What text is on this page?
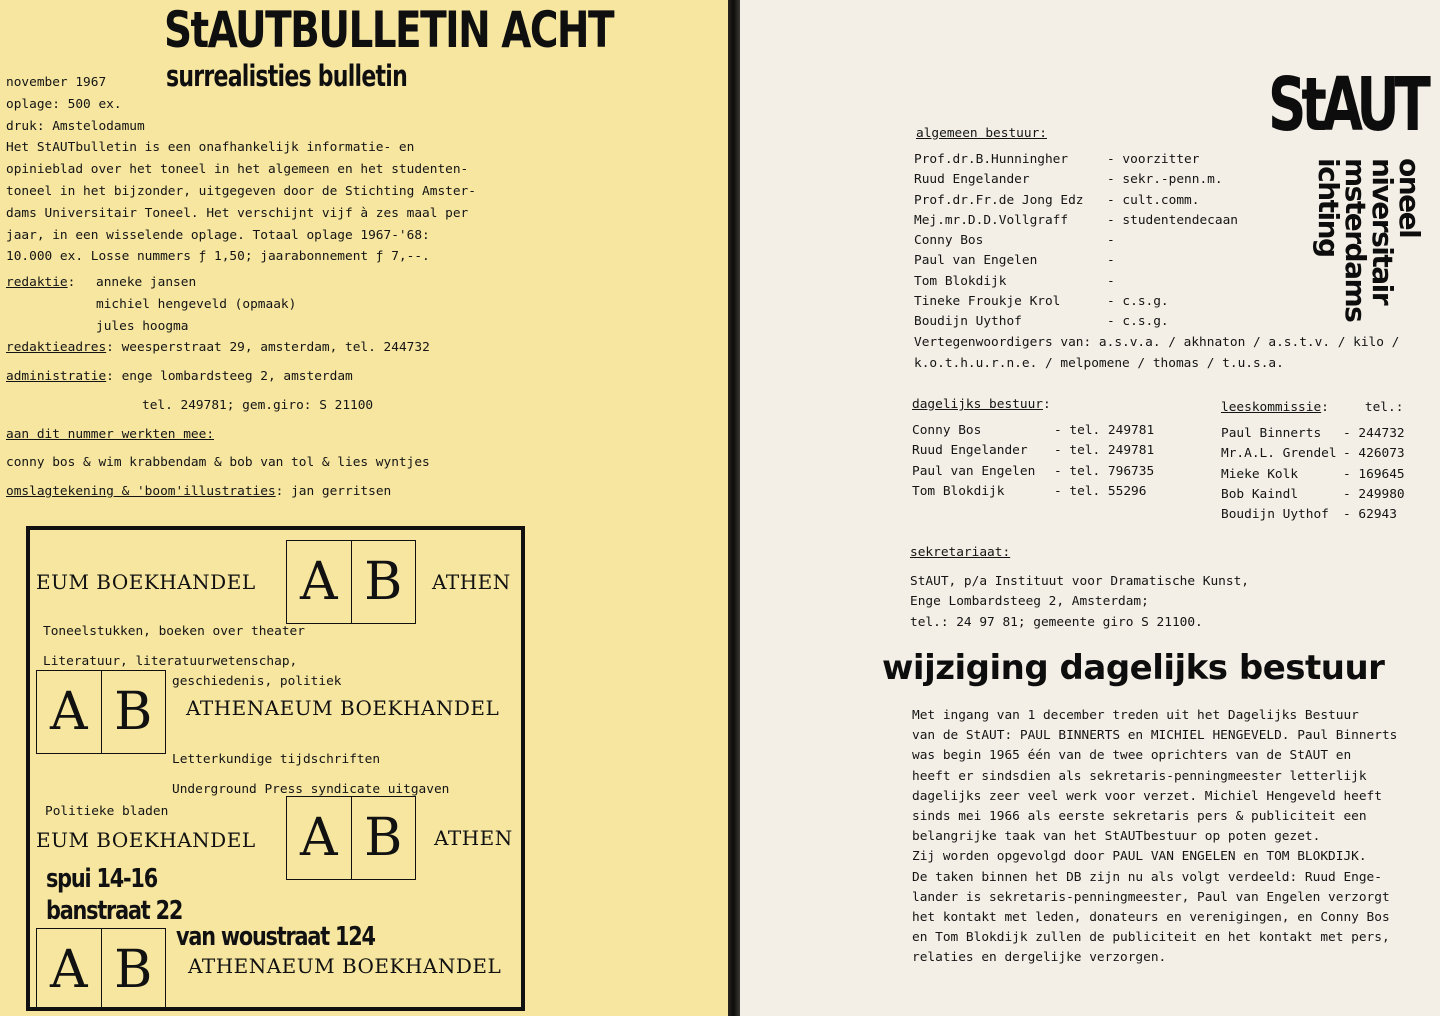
StAUTBULLETIN ACHT
surrealisties bulletin
november 1967
oplage: 500 ex.
druk: Amstelodamum
Het StAUTbulletin is een onafhankelijk informatie- en
opinieblad over het toneel in het algemeen en het studenten-
toneel in het bijzonder, uitgegeven door de Stichting Amster-
dams Universitair Toneel. Het verschijnt vijf à zes maal per
jaar, in een wisselende oplage. Totaal oplage 1967-'68:
10.000 ex. Losse nummers ƒ 1,50; jaarabonnement ƒ 7,--.
redaktie: anneke jansen
michiel hengeveld (opmaak)
jules hoogma
redaktieadres: weesperstraat 29, amsterdam, tel. 244732
administratie: enge lombardsteeg 2, amsterdam
tel. 249781; gem.giro: S 21100
aan dit nummer werkten mee:
conny bos & wim krabbendam & bob van tol & lies wyntjes
omslagtekening & 'boom'illustraties: jan gerritsen
EUM BOEKHANDEL A B	ATHEN
Toneelstukken, boeken over theater
Literatuur, literatuurwetenschap,
A B
geschiedenis, politiek
ATHENAEUM BOEKHANDEL
Letterkundige tijdschriften
Underground Press syndicate uitgaven
Politieke bladen
EUM BOEKHANDEL A B	ATHEN
spui 14-16
banstraat 22
A B
van woustraat 124
ATHENAEUM BOEKHANDEL
StAUT
oneel
niversitair
msterdams
ichting
algemeen bestuur:
Prof.dr.B.Hunningher	- voorzitter
Ruud Engelander	- sekr.-penn.m.
Prof.dr.Fr.de Jong Edz - cult.comm.
Mej.mr.D.D.Vollgraff	- studentendecaan
Conny Bos	-
Paul van Engelen	-
Tom Blokdijk	-
Tineke Froukje Krol	- c.s.g.
Boudijn Uythof	- c.s.g.
Vertegenwoordigers van: a.s.v.a. / akhnaton / a.s.t.v. / kilo /
k.o.t.h.u.r.n.e. / melpomene / thomas / t.u.s.a.
dagelijks bestuur:
Conny Bos	- tel. 249781
Ruud Engelander - tel. 249781
Paul van Engelen - tel. 796735
Tom Blokdijk	- tel. 55296
leeskommissie:	tel.:
Paul Binnerts - 244732
Mr.A.L. Grendel - 426073
Mieke Kolk	- 169645
Bob Kaindl	- 249980
Boudijn Uythof - 62943
sekretariaat:
StAUT, p/a Instituut voor Dramatische Kunst,
Enge Lombardsteeg 2, Amsterdam;
tel.: 24 97 81; gemeente giro S 21100.
wijziging dagelijks bestuur
Met ingang van 1 december treden uit het Dagelijks Bestuur
van de StAUT: PAUL BINNERTS en MICHIEL HENGEVELD. Paul Binnerts
was begin 1965 één van de twee oprichters van de StAUT en
heeft er sindsdien als sekretaris-penningmeester letterlijk
dagelijks zeer veel werk voor verzet. Michiel Hengeveld heeft
sinds mei 1966 als eerste sekretaris pers & publiciteit een
belangrijke taak van het StAUTbestuur op poten gezet.
Zij worden opgevolgd door PAUL VAN ENGELEN en TOM BLOKDIJK.
De taken binnen het DB zijn nu als volgt verdeeld: Ruud Enge-
lander is sekretaris-penningmeester, Paul van Engelen verzorgt
het kontakt met leden, donateurs en verenigingen, en Conny Bos
en Tom Blokdijk zullen de publiciteit en het kontakt met pers,
relaties en dergelijke verzorgen.
